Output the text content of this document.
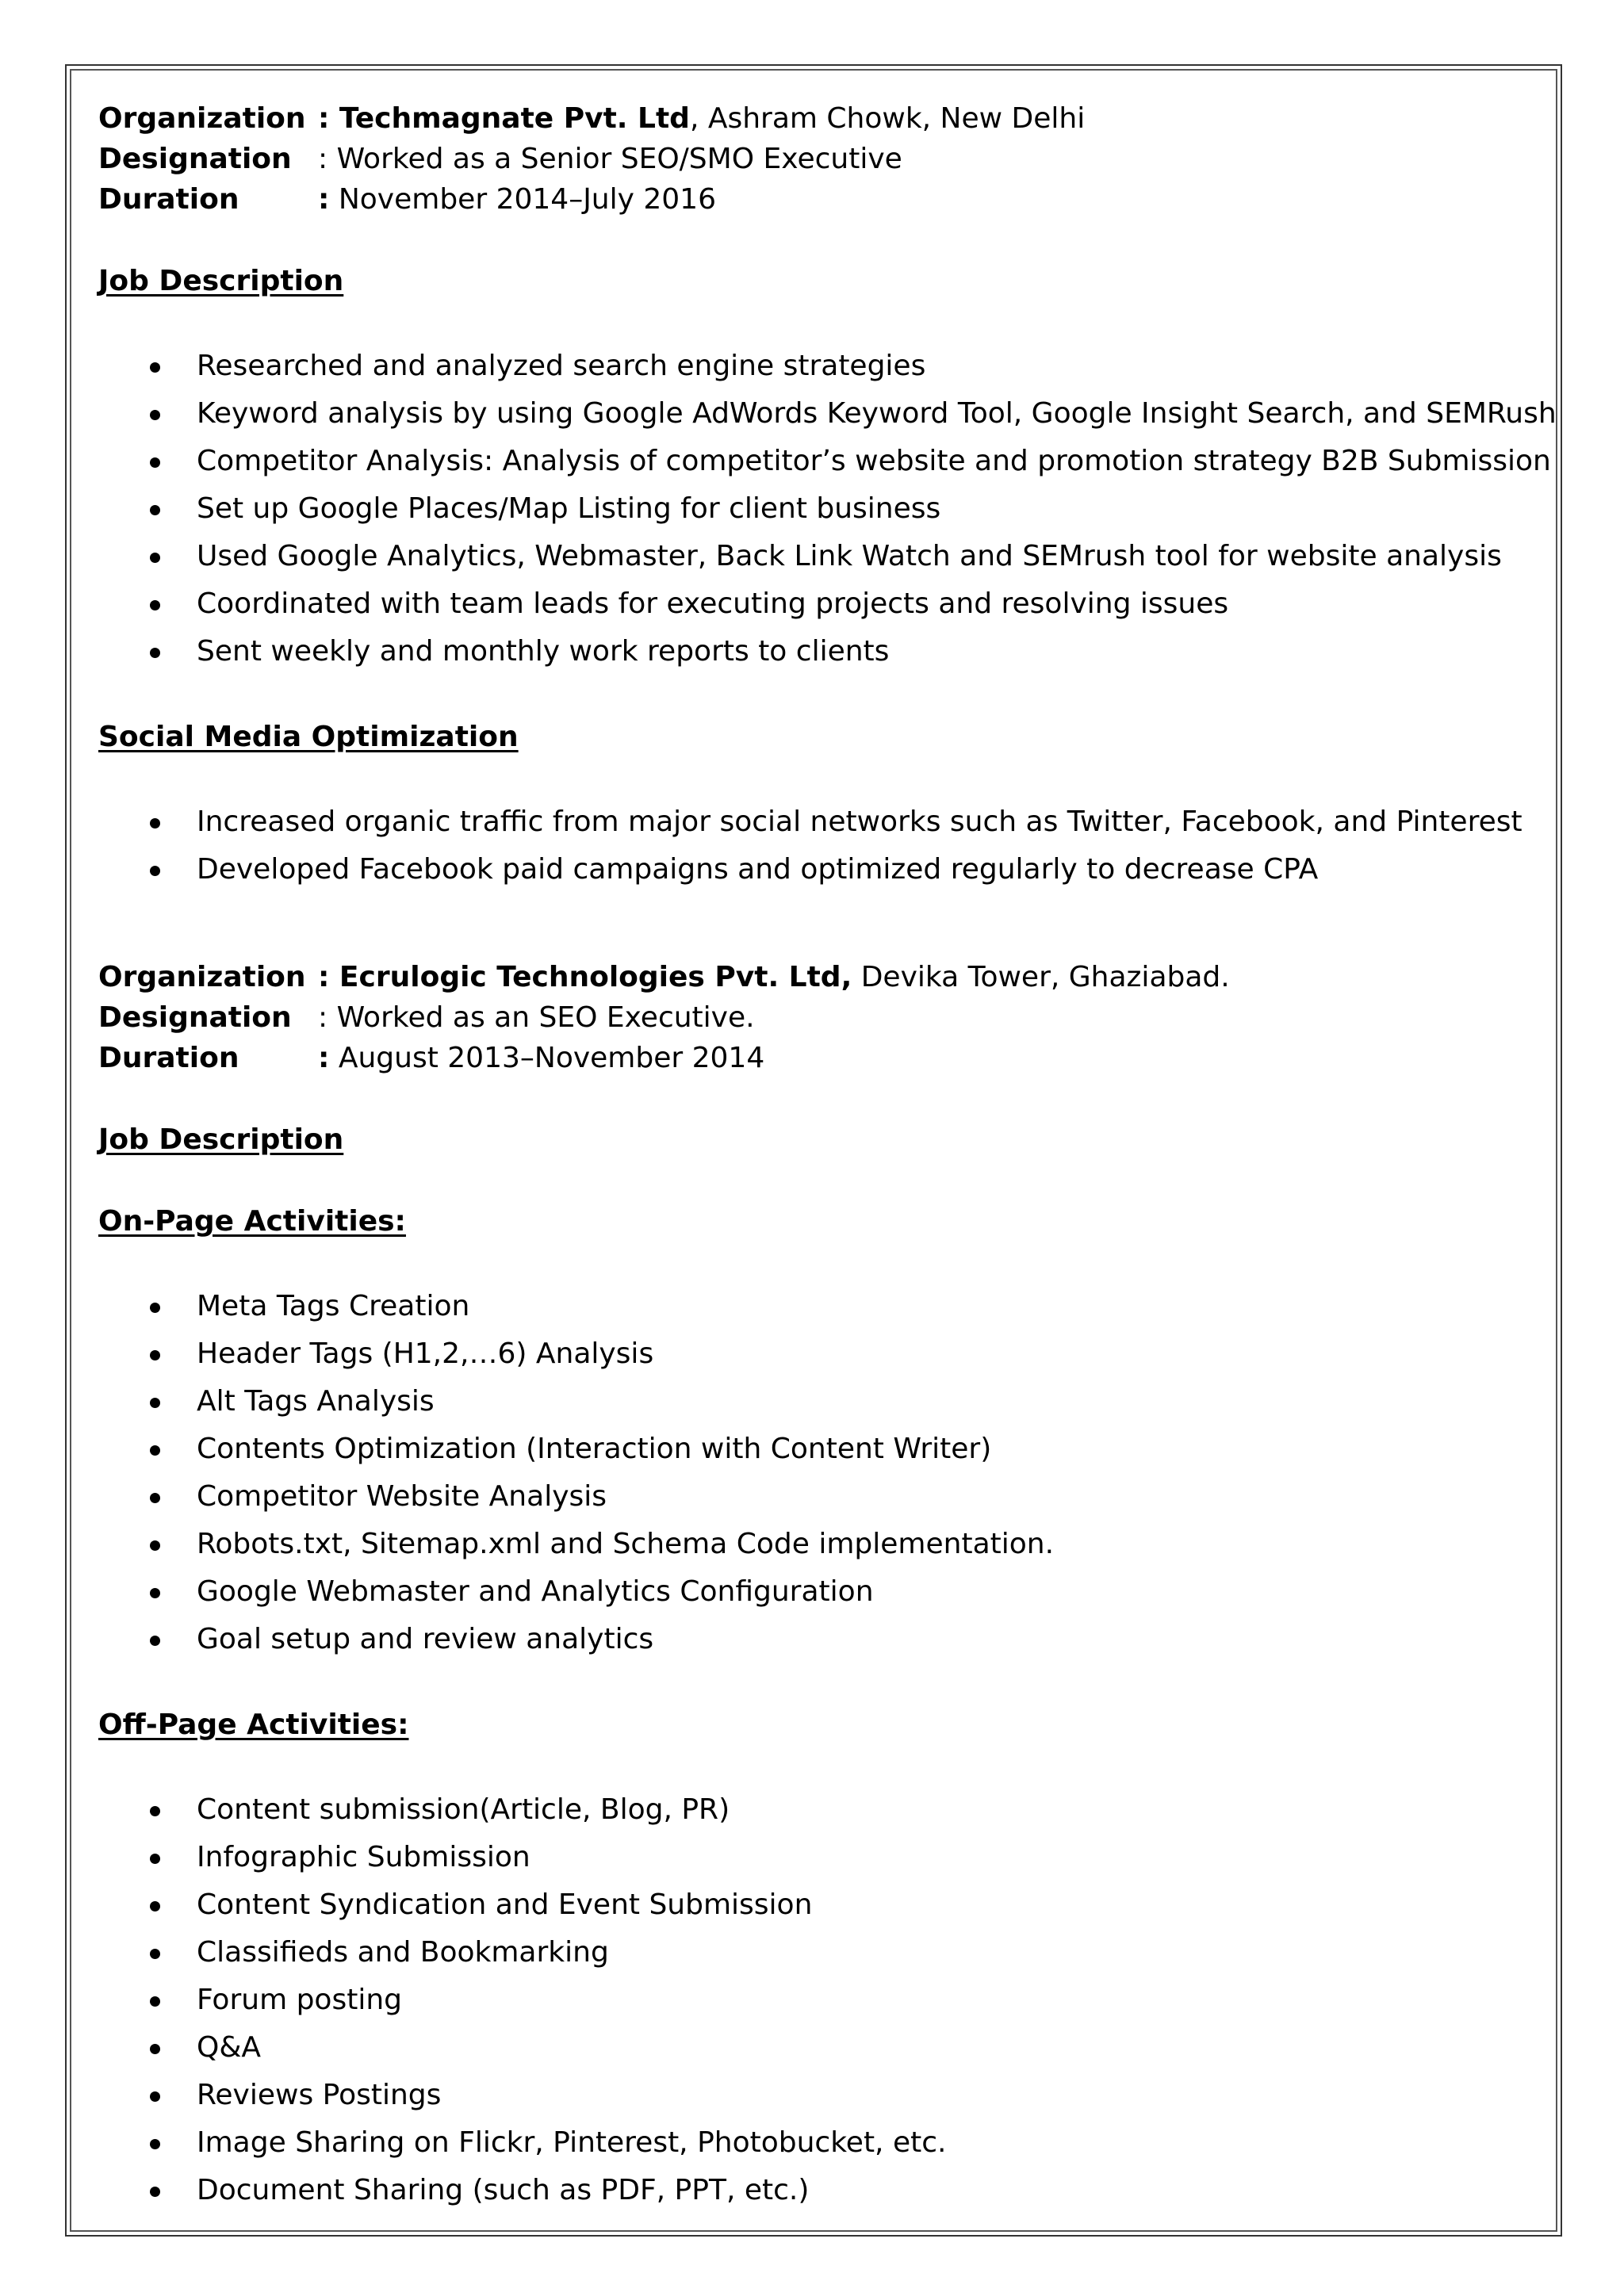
Organization : Techmagnate Pvt. Ltd, Ashram Chowk, New Delhi
Designation : Worked as a Senior SEO/SMO Executive
Duration	: November 2014–July 2016
Job Description
Researched and analyzed search engine strategies
Keyword analysis by using Google AdWords Keyword Tool, Google Insight Search, and SEMRush
Competitor Analysis: Analysis of competitor’s website and promotion strategy B2B Submission
Set up Google Places/Map Listing for client business
Used Google Analytics, Webmaster, Back Link Watch and SEMrush tool for website analysis
Coordinated with team leads for executing projects and resolving issues
Sent weekly and monthly work reports to clients
Social Media Optimization
Increased organic traffic from major social networks such as Twitter, Facebook, and Pinterest
Developed Facebook paid campaigns and optimized regularly to decrease CPA
Organization : Ecrulogic Technologies Pvt. Ltd, Devika Tower, Ghaziabad.
Designation : Worked as an SEO Executive.
Duration	: August 2013–November 2014
Job Description
On-Page Activities:
Meta Tags Creation
Header Tags (H1,2,…6) Analysis
Alt Tags Analysis
Contents Optimization (Interaction with Content Writer)
Competitor Website Analysis
Robots.txt, Sitemap.xml and Schema Code implementation.
Google Webmaster and Analytics Configuration
Goal setup and review analytics
Off-Page Activities:
Content submission(Article, Blog, PR)
Infographic Submission
Content Syndication and Event Submission
Classifieds and Bookmarking
Forum posting
Q&A
Reviews Postings
Image Sharing on Flickr, Pinterest, Photobucket, etc.
Document Sharing (such as PDF, PPT, etc.)
